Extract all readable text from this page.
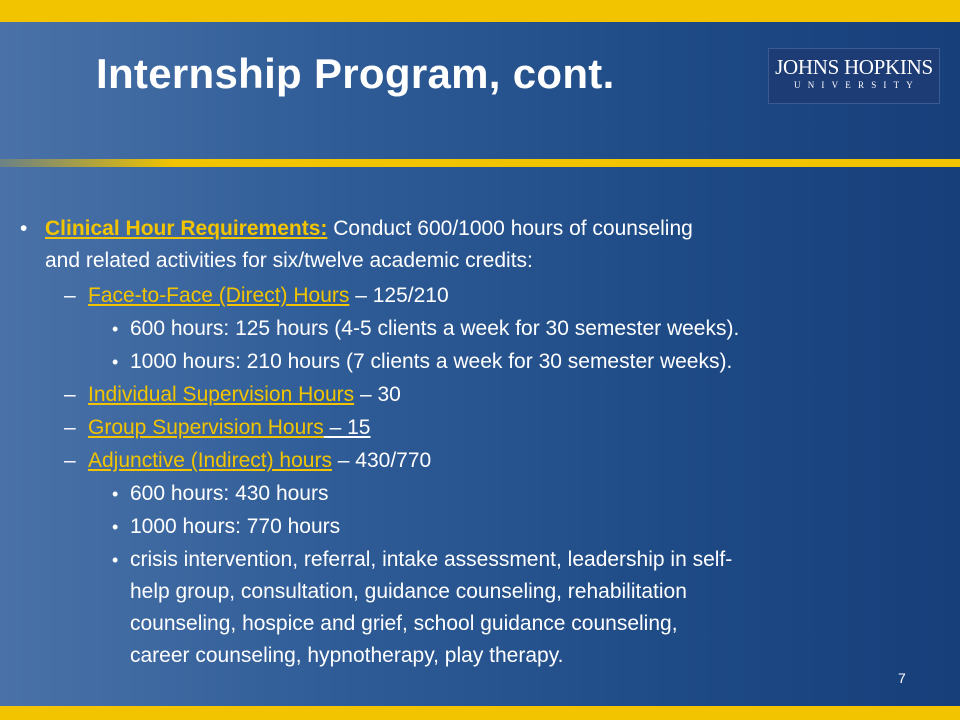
Internship Program, cont.	JOHNS HOPKINS
UNIVERSITY
• Clinical Hour Requirements: Conduct 600/1000 hours of counseling
and related activities for six/twelve academic credits:
– Face-to-Face (Direct) Hours – 125/210
• 600 hours: 125 hours (4-5 clients a week for 30 semester weeks).
• 1000 hours: 210 hours (7 clients a week for 30 semester weeks).
– Individual Supervision Hours – 30
– Group Supervision Hours – 15
– Adjunctive (Indirect) hours – 430/770
• 600 hours: 430 hours
• 1000 hours: 770 hours
• crisis intervention, referral, intake assessment, leadership in self-
help group, consultation, guidance counseling, rehabilitation
counseling, hospice and grief, school guidance counseling,
career counseling, hypnotherapy, play therapy.
7
